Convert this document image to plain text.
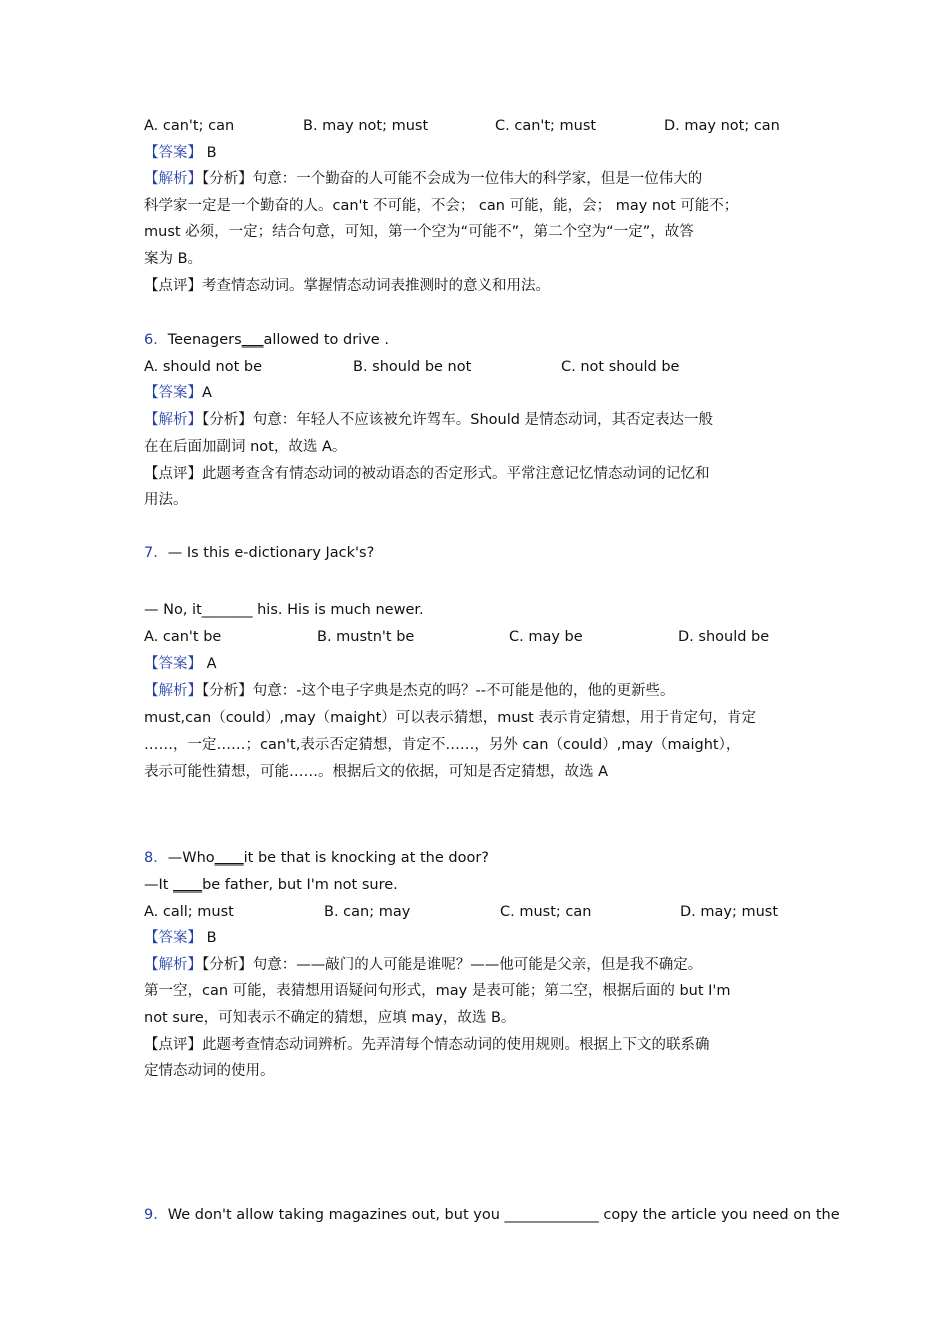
A. can't; can	B. may not; must	C. can't; must	D. may not; can
【答案】 B
【解析】【分析】句意：一个勤奋的人可能不会成为一位伟大的科学家，但是一位伟大的
科学家一定是一个勤奋的人。can't 不可能，不会； can 可能，能，会； may not 可能不；
must 必须，一定；结合句意，可知，第一个空为“可能不”，第二个空为“一定”，故答
案为 B。
【点评】考查情态动词。掌握情态动词表推测时的意义和用法。
6．Teenagers___allowed to drive .
A. should not be	B. should be not	C. not should be
【答案】A
【解析】【分析】句意：年轻人不应该被允许驾车。Should 是情态动词，其否定表达一般
在在后面加副词 not，故选 A。
【点评】此题考查含有情态动词的被动语态的否定形式。平常注意记忆情态动词的记忆和
用法。
7．— Is this e-dictionary Jack's?
— No, it_______ his. His is much newer.
A. can't be	B. mustn't be	C. may be	D. should be
【答案】 A
【解析】【分析】句意：-这个电子字典是杰克的吗？--不可能是他的，他的更新些。
must,can（could）,may（maight）可以表示猜想，must 表示肯定猜想，用于肯定句，肯定
……，一定……；can't,表示否定猜想，肯定不……，另外 can（could）,may（maight），
表示可能性猜想，可能……。根据后文的依据，可知是否定猜想，故选 A
8．—Who____it be that is knocking at the door?
—It ____be father, but I'm not sure.
A. call; must	B. can; may	C. must; can	D. may; must
【答案】 B
【解析】【分析】句意：——敲门的人可能是谁呢？——他可能是父亲，但是我不确定。
第一空，can 可能，表猜想用语疑问句形式，may 是表可能；第二空，根据后面的 but I'm
not sure，可知表示不确定的猜想，应填 may，故选 B。
【点评】此题考查情态动词辨析。先弄清每个情态动词的使用规则。根据上下文的联系确
定情态动词的使用。
9．We don't allow taking magazines out, but you _____________ copy the article you need on the
